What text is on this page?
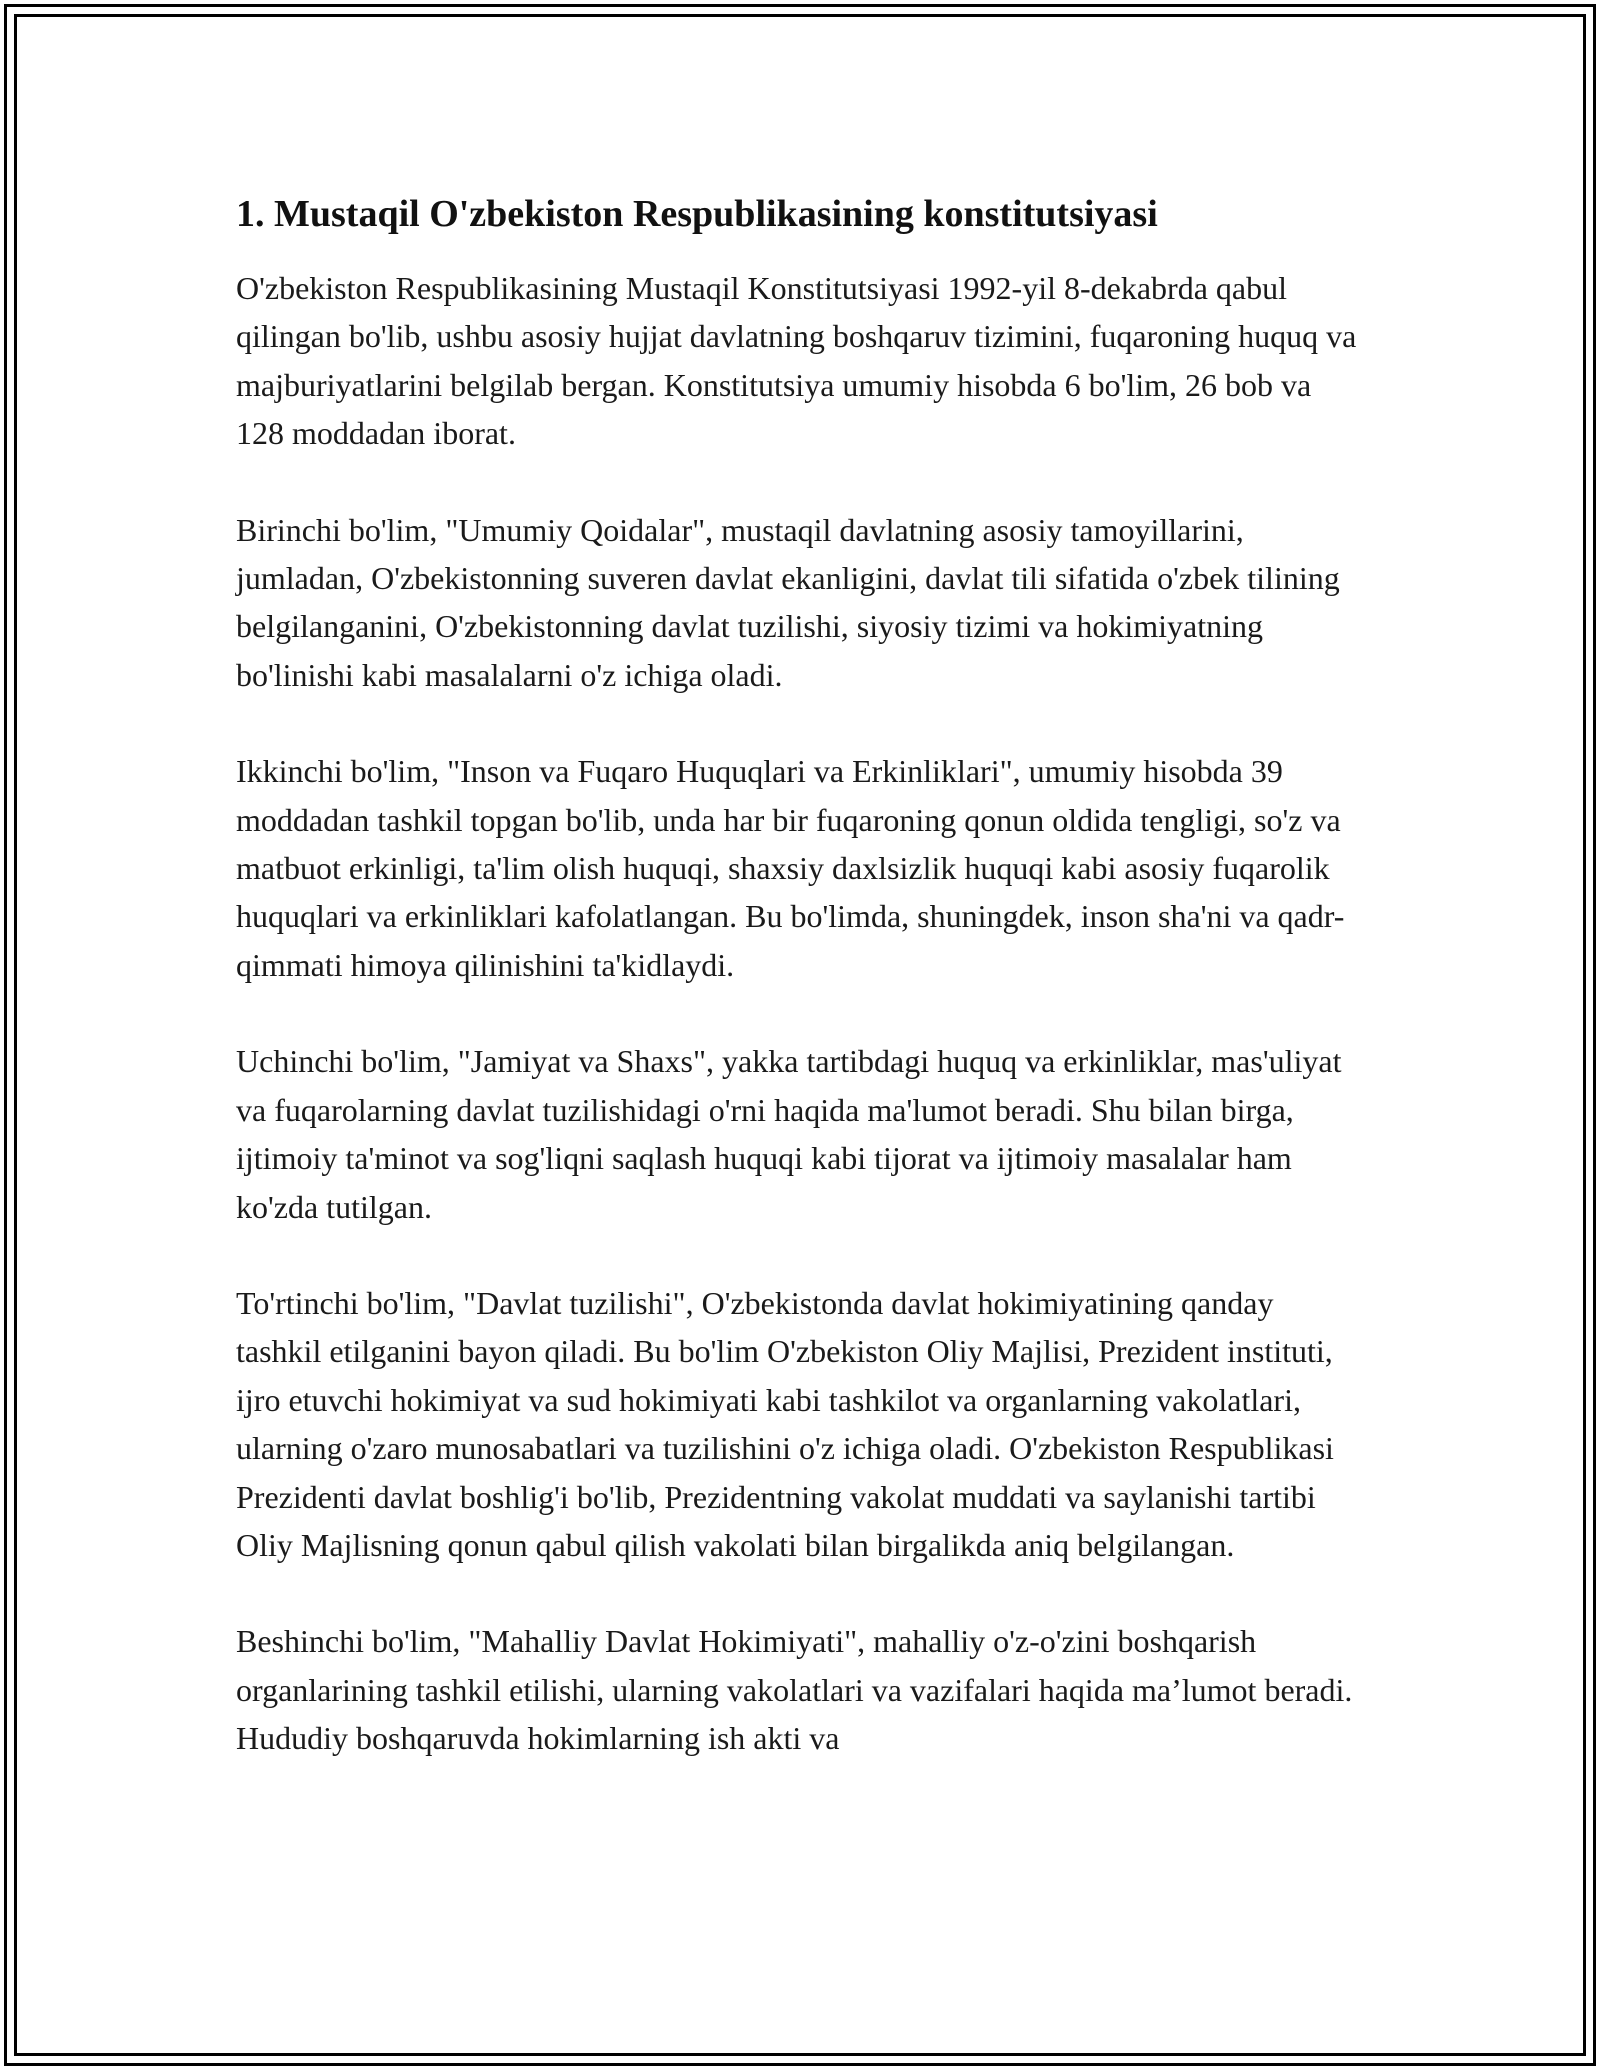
1. Mustaqil O'zbekiston Respublikasining konstitutsiyasi

O'zbekiston Respublikasining Mustaqil Konstitutsiyasi 1992-yil 8-dekabrda qabul qilingan bo'lib, ushbu asosiy hujjat davlatning boshqaruv tizimini, fuqaroning huquq va majburiyatlarini belgilab bergan. Konstitutsiya umumiy hisobda 6 bo'lim, 26 bob va 128 moddadan iborat.

Birinchi bo'lim, "Umumiy Qoidalar", mustaqil davlatning asosiy tamoyillarini, jumladan, O'zbekistonning suveren davlat ekanligini, davlat tili sifatida o'zbek tilining belgilanganini, O'zbekistonning davlat tuzilishi, siyosiy tizimi va hokimiyatning bo'linishi kabi masalalarni o'z ichiga oladi.

Ikkinchi bo'lim, "Inson va Fuqaro Huquqlari va Erkinliklari", umumiy hisobda 39 moddadan tashkil topgan bo'lib, unda har bir fuqaroning qonun oldida tengligi, so'z va matbuot erkinligi, ta'lim olish huquqi, shaxsiy daxlsizlik huquqi kabi asosiy fuqarolik huquqlari va erkinliklari kafolatlangan. Bu bo'limda, shuningdek, inson sha'ni va qadr-qimmati himoya qilinishini ta'kidlaydi.

Uchinchi bo'lim, "Jamiyat va Shaxs", yakka tartibdagi huquq va erkinliklar, mas'uliyat va fuqarolarning davlat tuzilishidagi o'rni haqida ma'lumot beradi. Shu bilan birga, ijtimoiy ta'minot va sog'liqni saqlash huquqi kabi tijorat va ijtimoiy masalalar ham ko'zda tutilgan.

To'rtinchi bo'lim, "Davlat tuzilishi", O'zbekistonda davlat hokimiyatining qanday tashkil etilganini bayon qiladi. Bu bo'lim O'zbekiston Oliy Majlisi, Prezident instituti, ijro etuvchi hokimiyat va sud hokimiyati kabi tashkilot va organlarning vakolatlari, ularning o'zaro munosabatlari va tuzilishini o'z ichiga oladi. O'zbekiston Respublikasi Prezidenti davlat boshlig'i bo'lib, Prezidentning vakolat muddati va saylanishi tartibi Oliy Majlisning qonun qabul qilish vakolati bilan birgalikda aniq belgilangan.

Beshinchi bo'lim, "Mahalliy Davlat Hokimiyati", mahalliy o'z-o'zini boshqarish organlarining tashkil etilishi, ularning vakolatlari va vazifalari haqida ma’lumot beradi. Hududiy boshqaruvda hokimlarning ish akti va
